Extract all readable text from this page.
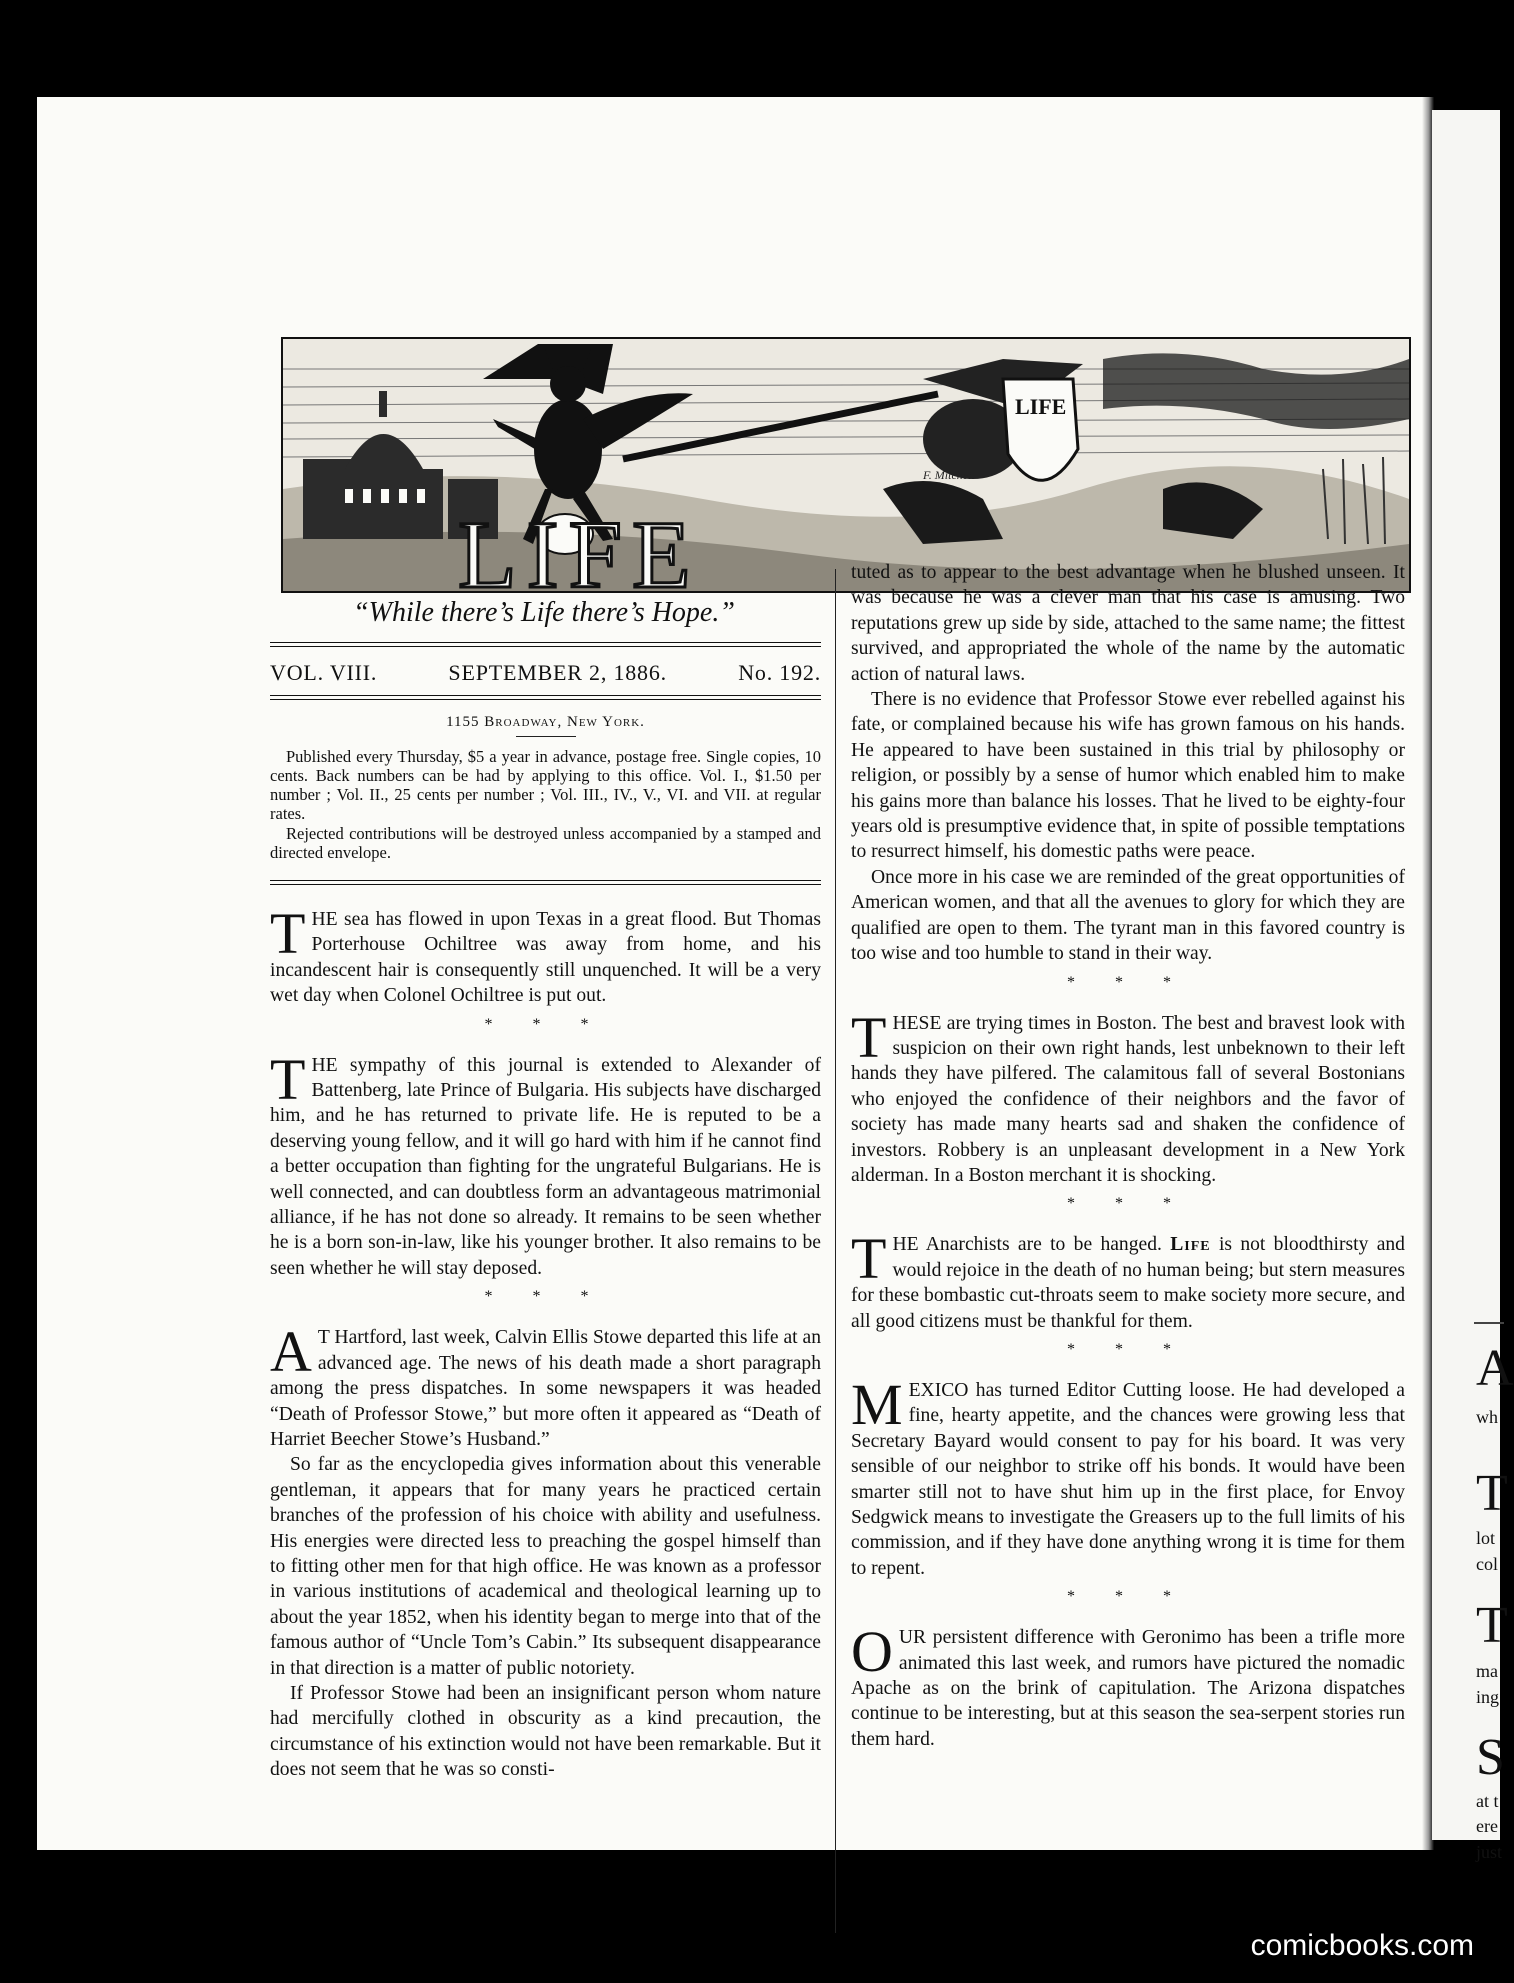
LIFE
LIFE
F. Mitchell
“While there’s Life there’s Hope.”
VOL. VIII.	SEPTEMBER 2, 1886.	No. 192.
1155 Broadway, New York.

Published every Thursday, $5 a year in advance, postage free. Single copies, 10 cents. Back numbers can be had by applying to this office. Vol. I., $1.50 per number ; Vol. II., 25 cents per number ; Vol. III., IV., V., VI. and VII. at regular rates.

Rejected contributions will be destroyed unless accompanied by a stamped and directed envelope.

THE sea has flowed in upon Texas in a great flood. But Thomas Porterhouse Ochiltree was away from home, and his incandescent hair is consequently still unquenched. It will be a very wet day when Colonel Ochiltree is put out.

* * *

THE sympathy of this journal is extended to Alexander of Battenberg, late Prince of Bulgaria. His subjects have discharged him, and he has returned to private life. He is reputed to be a deserving young fellow, and it will go hard with him if he cannot find a better occupation than fighting for the ungrateful Bulgarians. He is well connected, and can doubtless form an advantageous matrimonial alliance, if he has not done so already. It remains to be seen whether he is a born son-in-law, like his younger brother. It also remains to be seen whether he will stay deposed.

* * *

A T Hartford, last week, Calvin Ellis Stowe departed this life at an advanced age. The news of his death made a short paragraph among the press dispatches. In some newspapers it was headed “Death of Professor Stowe,” but more often it appeared as “Death of Harriet Beecher Stowe’s Husband.”

So far as the encyclopedia gives information about this venerable gentleman, it appears that for many years he practiced certain branches of the profession of his choice with ability and usefulness. His energies were directed less to preaching the gospel himself than to fitting other men for that high office. He was known as a professor in various institutions of academical and theological learning up to about the year 1852, when his identity began to merge into that of the famous author of “Uncle Tom’s Cabin.” Its subsequent disappearance in that direction is a matter of public notoriety.

If Professor Stowe had been an insignificant person whom nature had mercifully clothed in obscurity as a kind precaution, the circumstance of his extinction would not have been remarkable. But it does not seem that he was so consti-

tuted as to appear to the best advantage when he blushed unseen. It was because he was a clever man that his case is amusing. Two reputations grew up side by side, attached to the same name; the fittest survived, and appropriated the whole of the name by the automatic action of natural laws.

There is no evidence that Professor Stowe ever rebelled against his fate, or complained because his wife has grown famous on his hands. He appeared to have been sustained in this trial by philosophy or religion, or possibly by a sense of humor which enabled him to make his gains more than balance his losses. That he lived to be eighty-four years old is presumptive evidence that, in spite of possible temptations to resurrect himself, his domestic paths were peace.

Once more in his case we are reminded of the great opportunities of American women, and that all the avenues to glory for which they are qualified are open to them. The tyrant man in this favored country is too wise and too humble to stand in their way.

* * *

THESE are trying times in Boston. The best and bravest look with suspicion on their own right hands, lest unbeknown to their left hands they have pilfered. The calamitous fall of several Bostonians who enjoyed the confidence of their neighbors and the favor of society has made many hearts sad and shaken the confidence of investors. Robbery is an unpleasant development in a New York alderman. In a Boston merchant it is shocking.

* * *

THE Anarchists are to be hanged. Life is not bloodthirsty and would rejoice in the death of no human being; but stern measures for these bombastic cut-throats seem to make society more secure, and all good citizens must be thankful for them.

* * *

MEXICO has turned Editor Cutting loose. He had developed a fine, hearty appetite, and the chances were growing less that Secretary Bayard would consent to pay for his board. It was very sensible of our neighbor to strike off his bonds. It would have been smarter still not to have shut him up in the first place, for Envoy Sedgwick means to investigate the Greasers up to the full limits of his commission, and if they have done anything wrong it is time for them to repent.

* * *

OUR persistent difference with Geronimo has been a trifle more animated this last week, and rumors have pictured the nomadic Apache as on the brink of capitulation. The Arizona dispatches continue to be interesting, but at this season the sea-serpent stories run them hard.

A
wh
T
lot
col
T
ma
ing
S
at t
ere
just
comicbooks.com
